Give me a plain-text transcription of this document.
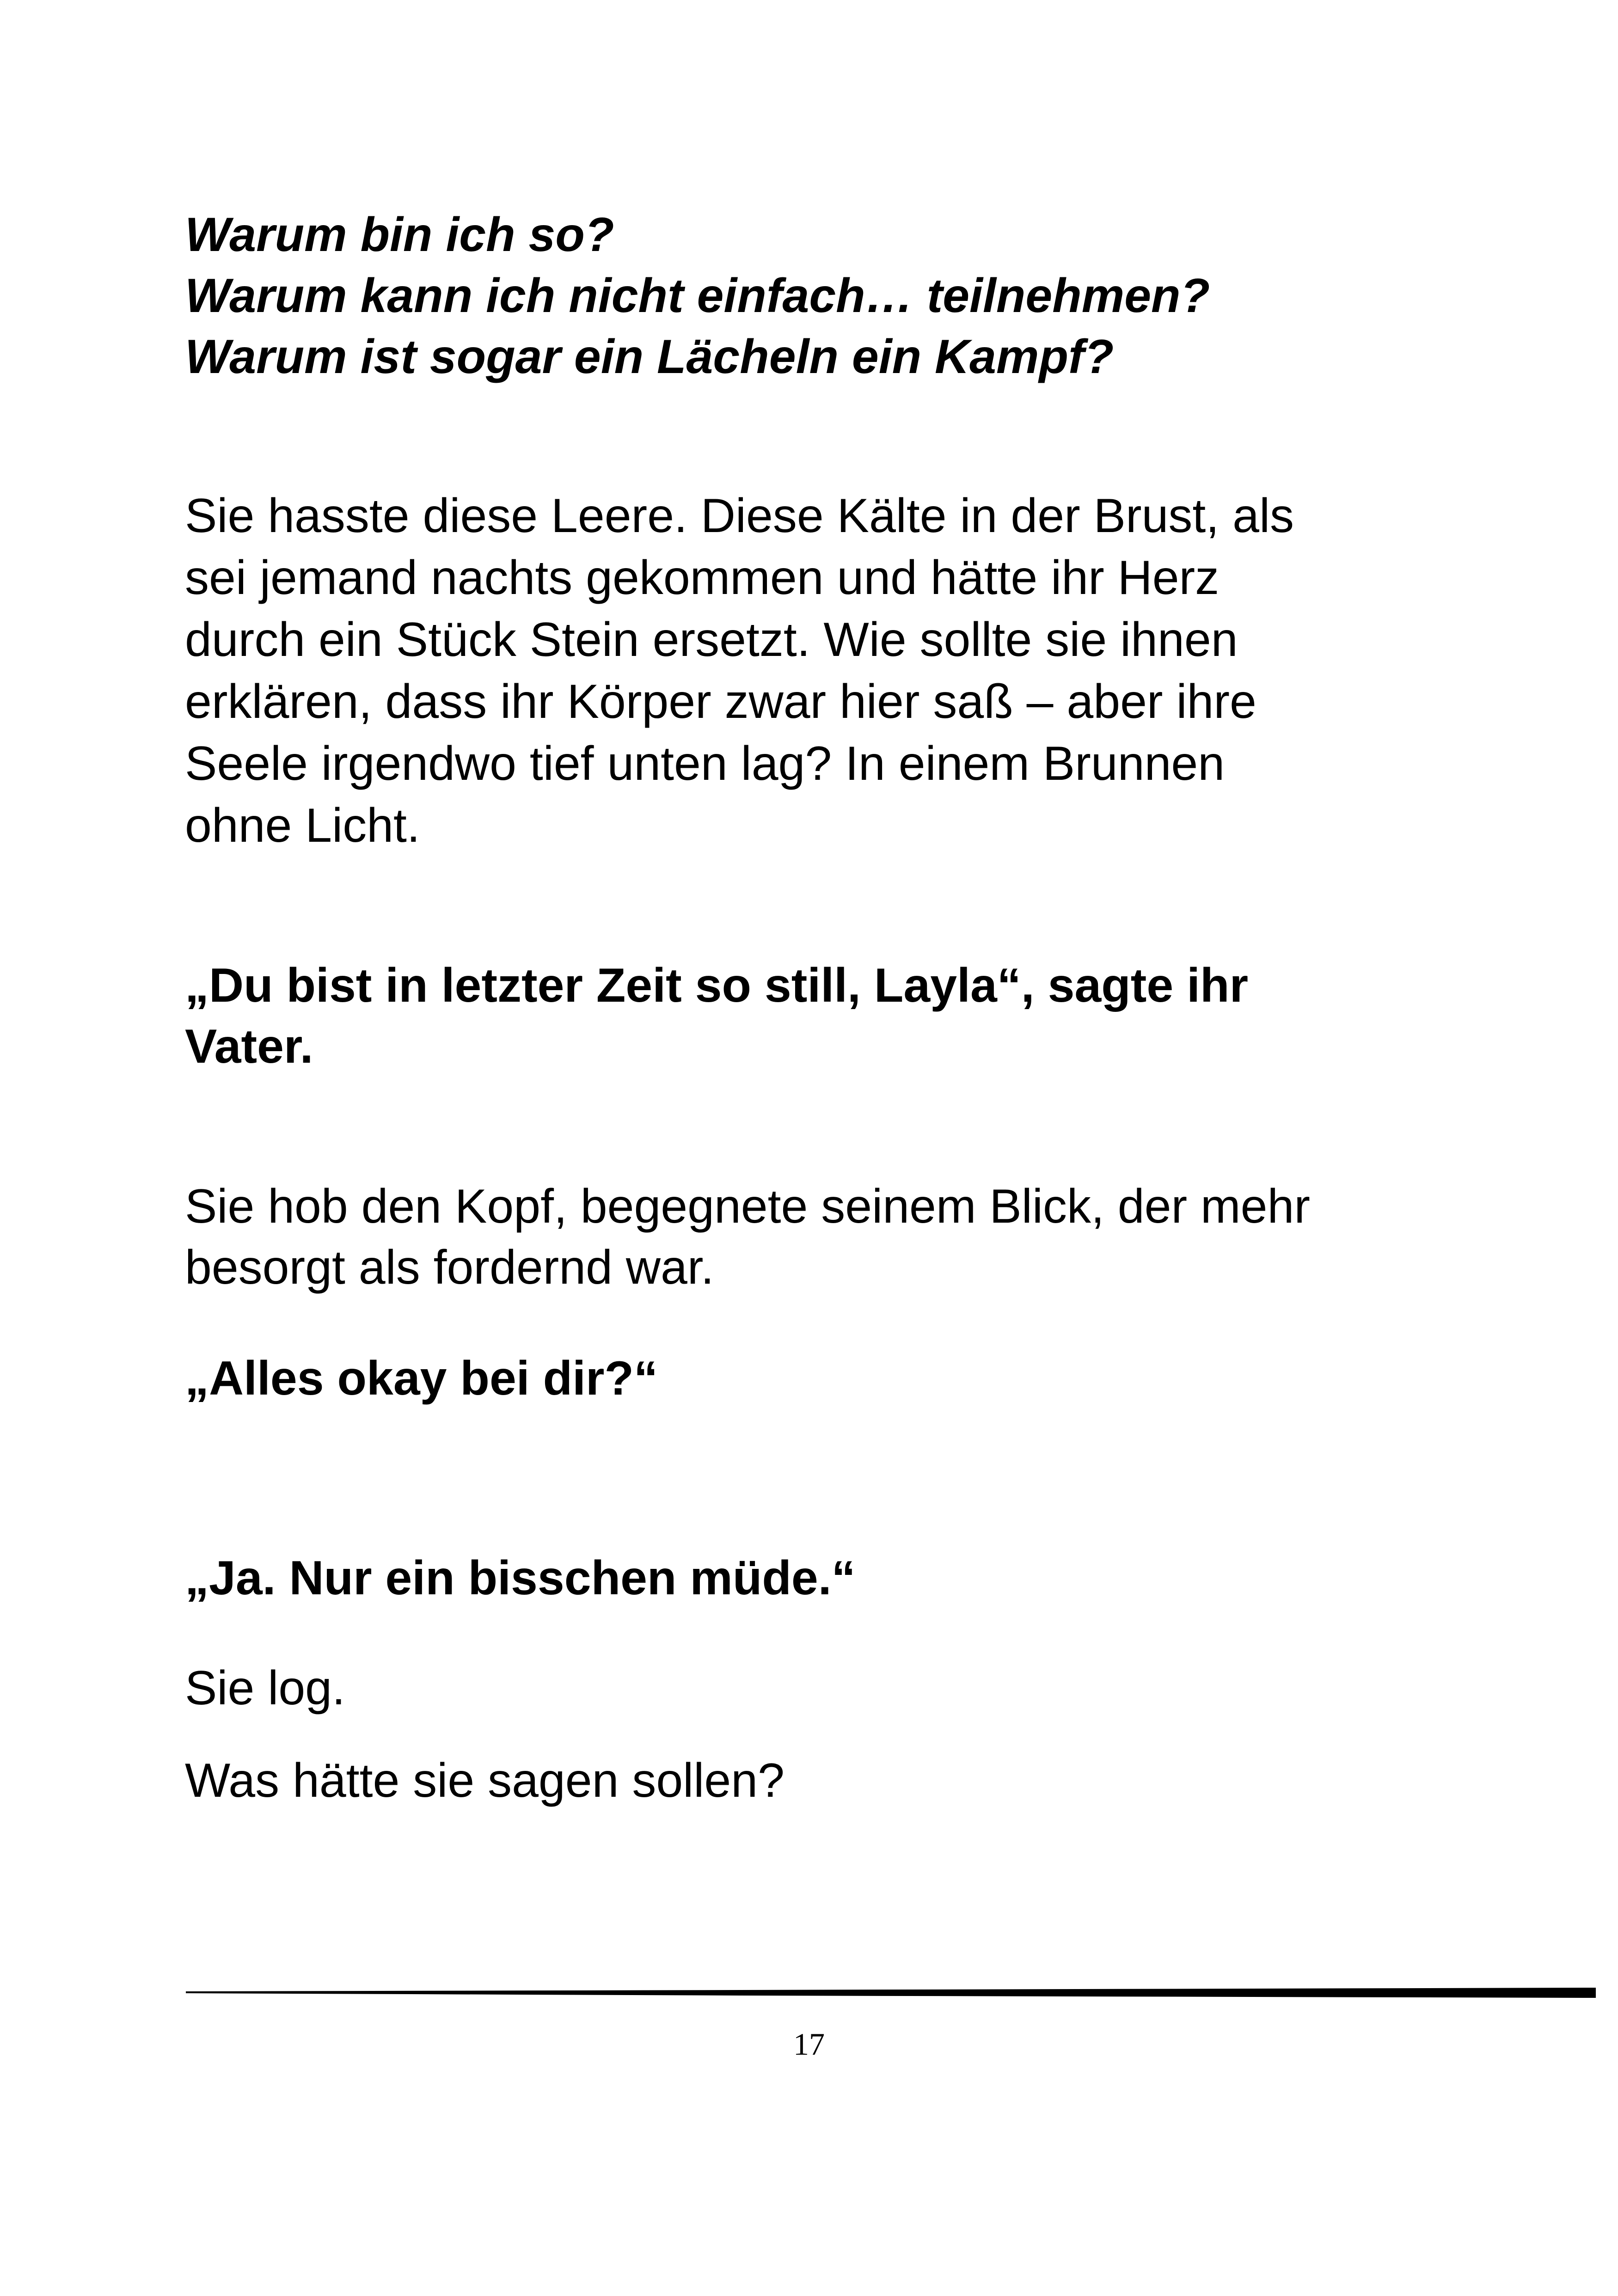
Warum bin ich so?
Warum kann ich nicht einfach… teilnehmen?
Warum ist sogar ein Lächeln ein Kampf?
Sie hasste diese Leere. Diese Kälte in der Brust, als
sei jemand nachts gekommen und hätte ihr Herz
durch ein Stück Stein ersetzt. Wie sollte sie ihnen
erklären, dass ihr Körper zwar hier saß – aber ihre
Seele irgendwo tief unten lag? In einem Brunnen
ohne Licht.
„Du bist in letzter Zeit so still, Layla“, sagte ihr
Vater.
Sie hob den Kopf, begegnete seinem Blick, der mehr
besorgt als fordernd war.
„Alles okay bei dir?“
„Ja. Nur ein bisschen müde.“
Sie log.
Was hätte sie sagen sollen?
17
